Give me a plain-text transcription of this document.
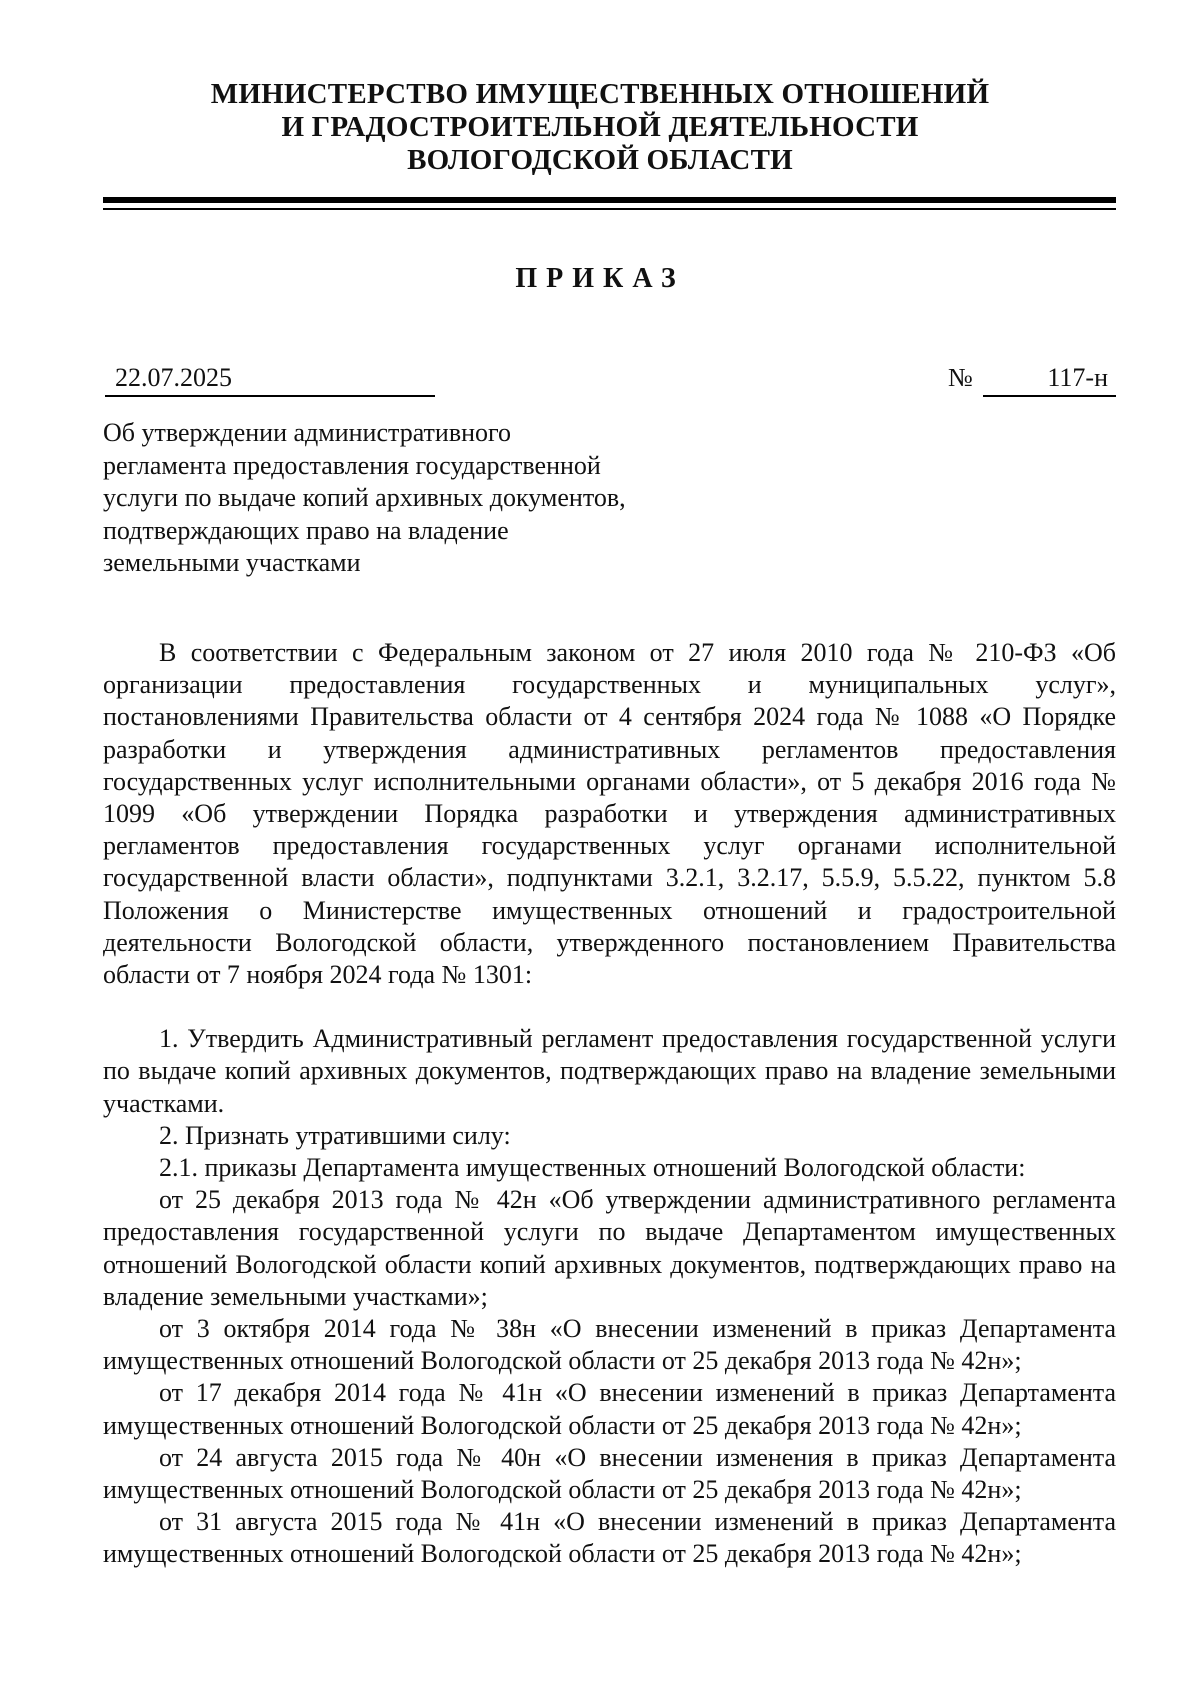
МИНИСТЕРСТВО ИМУЩЕСТВЕННЫХ ОТНОШЕНИЙ
И ГРАДОСТРОИТЕЛЬНОЙ ДЕЯТЕЛЬНОСТИ
ВОЛОГОДСКОЙ ОБЛАСТИ
ПРИКАЗ
22.07.2025	№	117-н
Об утверждении административного
регламента предоставления государственной
услуги по выдаче копий архивных документов,
подтверждающих право на владение
земельными участками

В соответствии с Федеральным законом от 27 июля 2010 года № 210-ФЗ «Об организации предоставления государственных и муниципальных услуг», постановлениями Правительства области от 4 сентября 2024 года № 1088 «О Порядке разработки и утверждения административных регламентов предоставления государственных услуг исполнительными органами области», от 5 декабря 2016 года № 1099 «Об утверждении Порядка разработки и утверждения административных регламентов предоставления государственных услуг органами исполнительной государственной власти области», подпунктами 3.2.1, 3.2.17, 5.5.9, 5.5.22, пунктом 5.8 Положения о Министерстве имущественных отношений и градостроительной деятельности Вологодской области, утвержденного постановлением Правительства области от 7 ноября 2024 года № 1301:

1. Утвердить Административный регламент предоставления государственной услуги по выдаче копий архивных документов, подтверждающих право на владение земельными участками.

2. Признать утратившими силу:

2.1. приказы Департамента имущественных отношений Вологодской области:

от 25 декабря 2013 года № 42н «Об утверждении административного регламента предоставления государственной услуги по выдаче Департаментом имущественных отношений Вологодской области копий архивных документов, подтверждающих право на владение земельными участками»;

от 3 октября 2014 года № 38н «О внесении изменений в приказ Департамента имущественных отношений Вологодской области от 25 декабря 2013 года № 42н»;

от 17 декабря 2014 года № 41н «О внесении изменений в приказ Департамента имущественных отношений Вологодской области от 25 декабря 2013 года № 42н»;

от 24 августа 2015 года № 40н «О внесении изменения в приказ Департамента имущественных отношений Вологодской области от 25 декабря 2013 года № 42н»;

от 31 августа 2015 года № 41н «О внесении изменений в приказ Департамента имущественных отношений Вологодской области от 25 декабря 2013 года № 42н»;
